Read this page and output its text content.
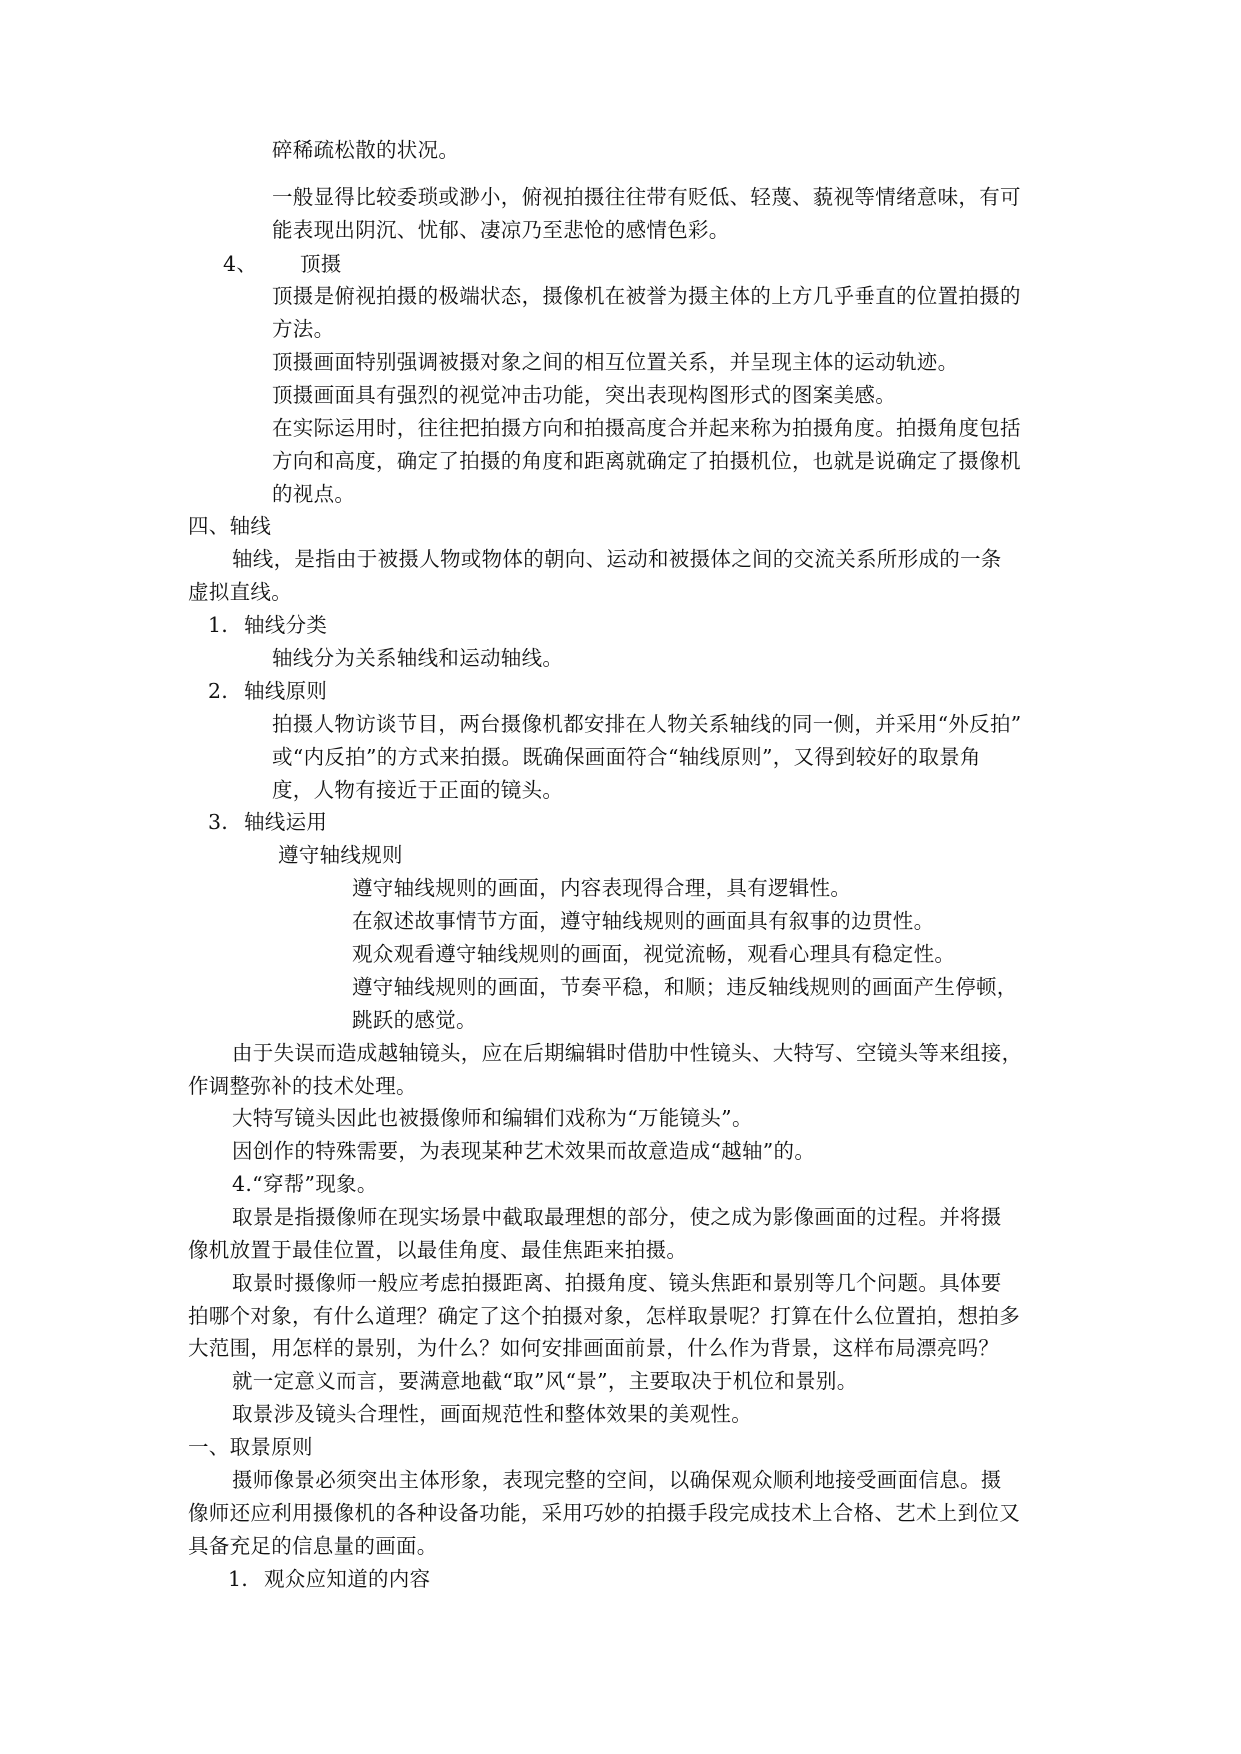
碎稀疏松散的状况。
一般显得比较委琐或渺小，俯视拍摄往往带有贬低、轻蔑、藐视等情绪意味，有可
能表现出阴沉、忧郁、凄凉乃至悲怆的感情色彩。
4、 顶摄
顶摄是俯视拍摄的极端状态，摄像机在被誉为摄主体的上方几乎垂直的位置拍摄的
方法。
顶摄画面特别强调被摄对象之间的相互位置关系，并呈现主体的运动轨迹。
顶摄画面具有强烈的视觉冲击功能，突出表现构图形式的图案美感。
在实际运用时，往往把拍摄方向和拍摄高度合并起来称为拍摄角度。拍摄角度包括
方向和高度，确定了拍摄的角度和距离就确定了拍摄机位，也就是说确定了摄像机
的视点。
四、轴线
轴线，是指由于被摄人物或物体的朝向、运动和被摄体之间的交流关系所形成的一条
虚拟直线。
1． 轴线分类
轴线分为关系轴线和运动轴线。
2． 轴线原则
拍摄人物访谈节目，两台摄像机都安排在人物关系轴线的同一侧，并采用“外反拍”
或“内反拍”的方式来拍摄。既确保画面符合“轴线原则”，又得到较好的取景角
度，人物有接近于正面的镜头。
3． 轴线运用
遵守轴线规则
遵守轴线规则的画面，内容表现得合理，具有逻辑性。
在叙述故事情节方面，遵守轴线规则的画面具有叙事的边贯性。
观众观看遵守轴线规则的画面，视觉流畅，观看心理具有稳定性。
遵守轴线规则的画面，节奏平稳，和顺；违反轴线规则的画面产生停顿，
跳跃的感觉。
由于失误而造成越轴镜头，应在后期编辑时借肋中性镜头、大特写、空镜头等来组接，
作调整弥补的技术处理。
大特写镜头因此也被摄像师和编辑们戏称为“万能镜头”。
因创作的特殊需要，为表现某种艺术效果而故意造成“越轴”的。
4.“穿帮”现象。
取景是指摄像师在现实场景中截取最理想的部分，使之成为影像画面的过程。并将摄
像机放置于最佳位置，以最佳角度、最佳焦距来拍摄。
取景时摄像师一般应考虑拍摄距离、拍摄角度、镜头焦距和景别等几个问题。具体要
拍哪个对象，有什么道理？确定了这个拍摄对象，怎样取景呢？打算在什么位置拍，想拍多
大范围，用怎样的景别，为什么？如何安排画面前景，什么作为背景，这样布局漂亮吗？
就一定意义而言，要满意地截“取”风“景”，主要取决于机位和景别。
取景涉及镜头合理性，画面规范性和整体效果的美观性。
一、取景原则
摄师像景必须突出主体形象，表现完整的空间，以确保观众顺利地接受画面信息。摄
像师还应利用摄像机的各种设备功能，采用巧妙的拍摄手段完成技术上合格、艺术上到位又
具备充足的信息量的画面。
1． 观众应知道的内容
